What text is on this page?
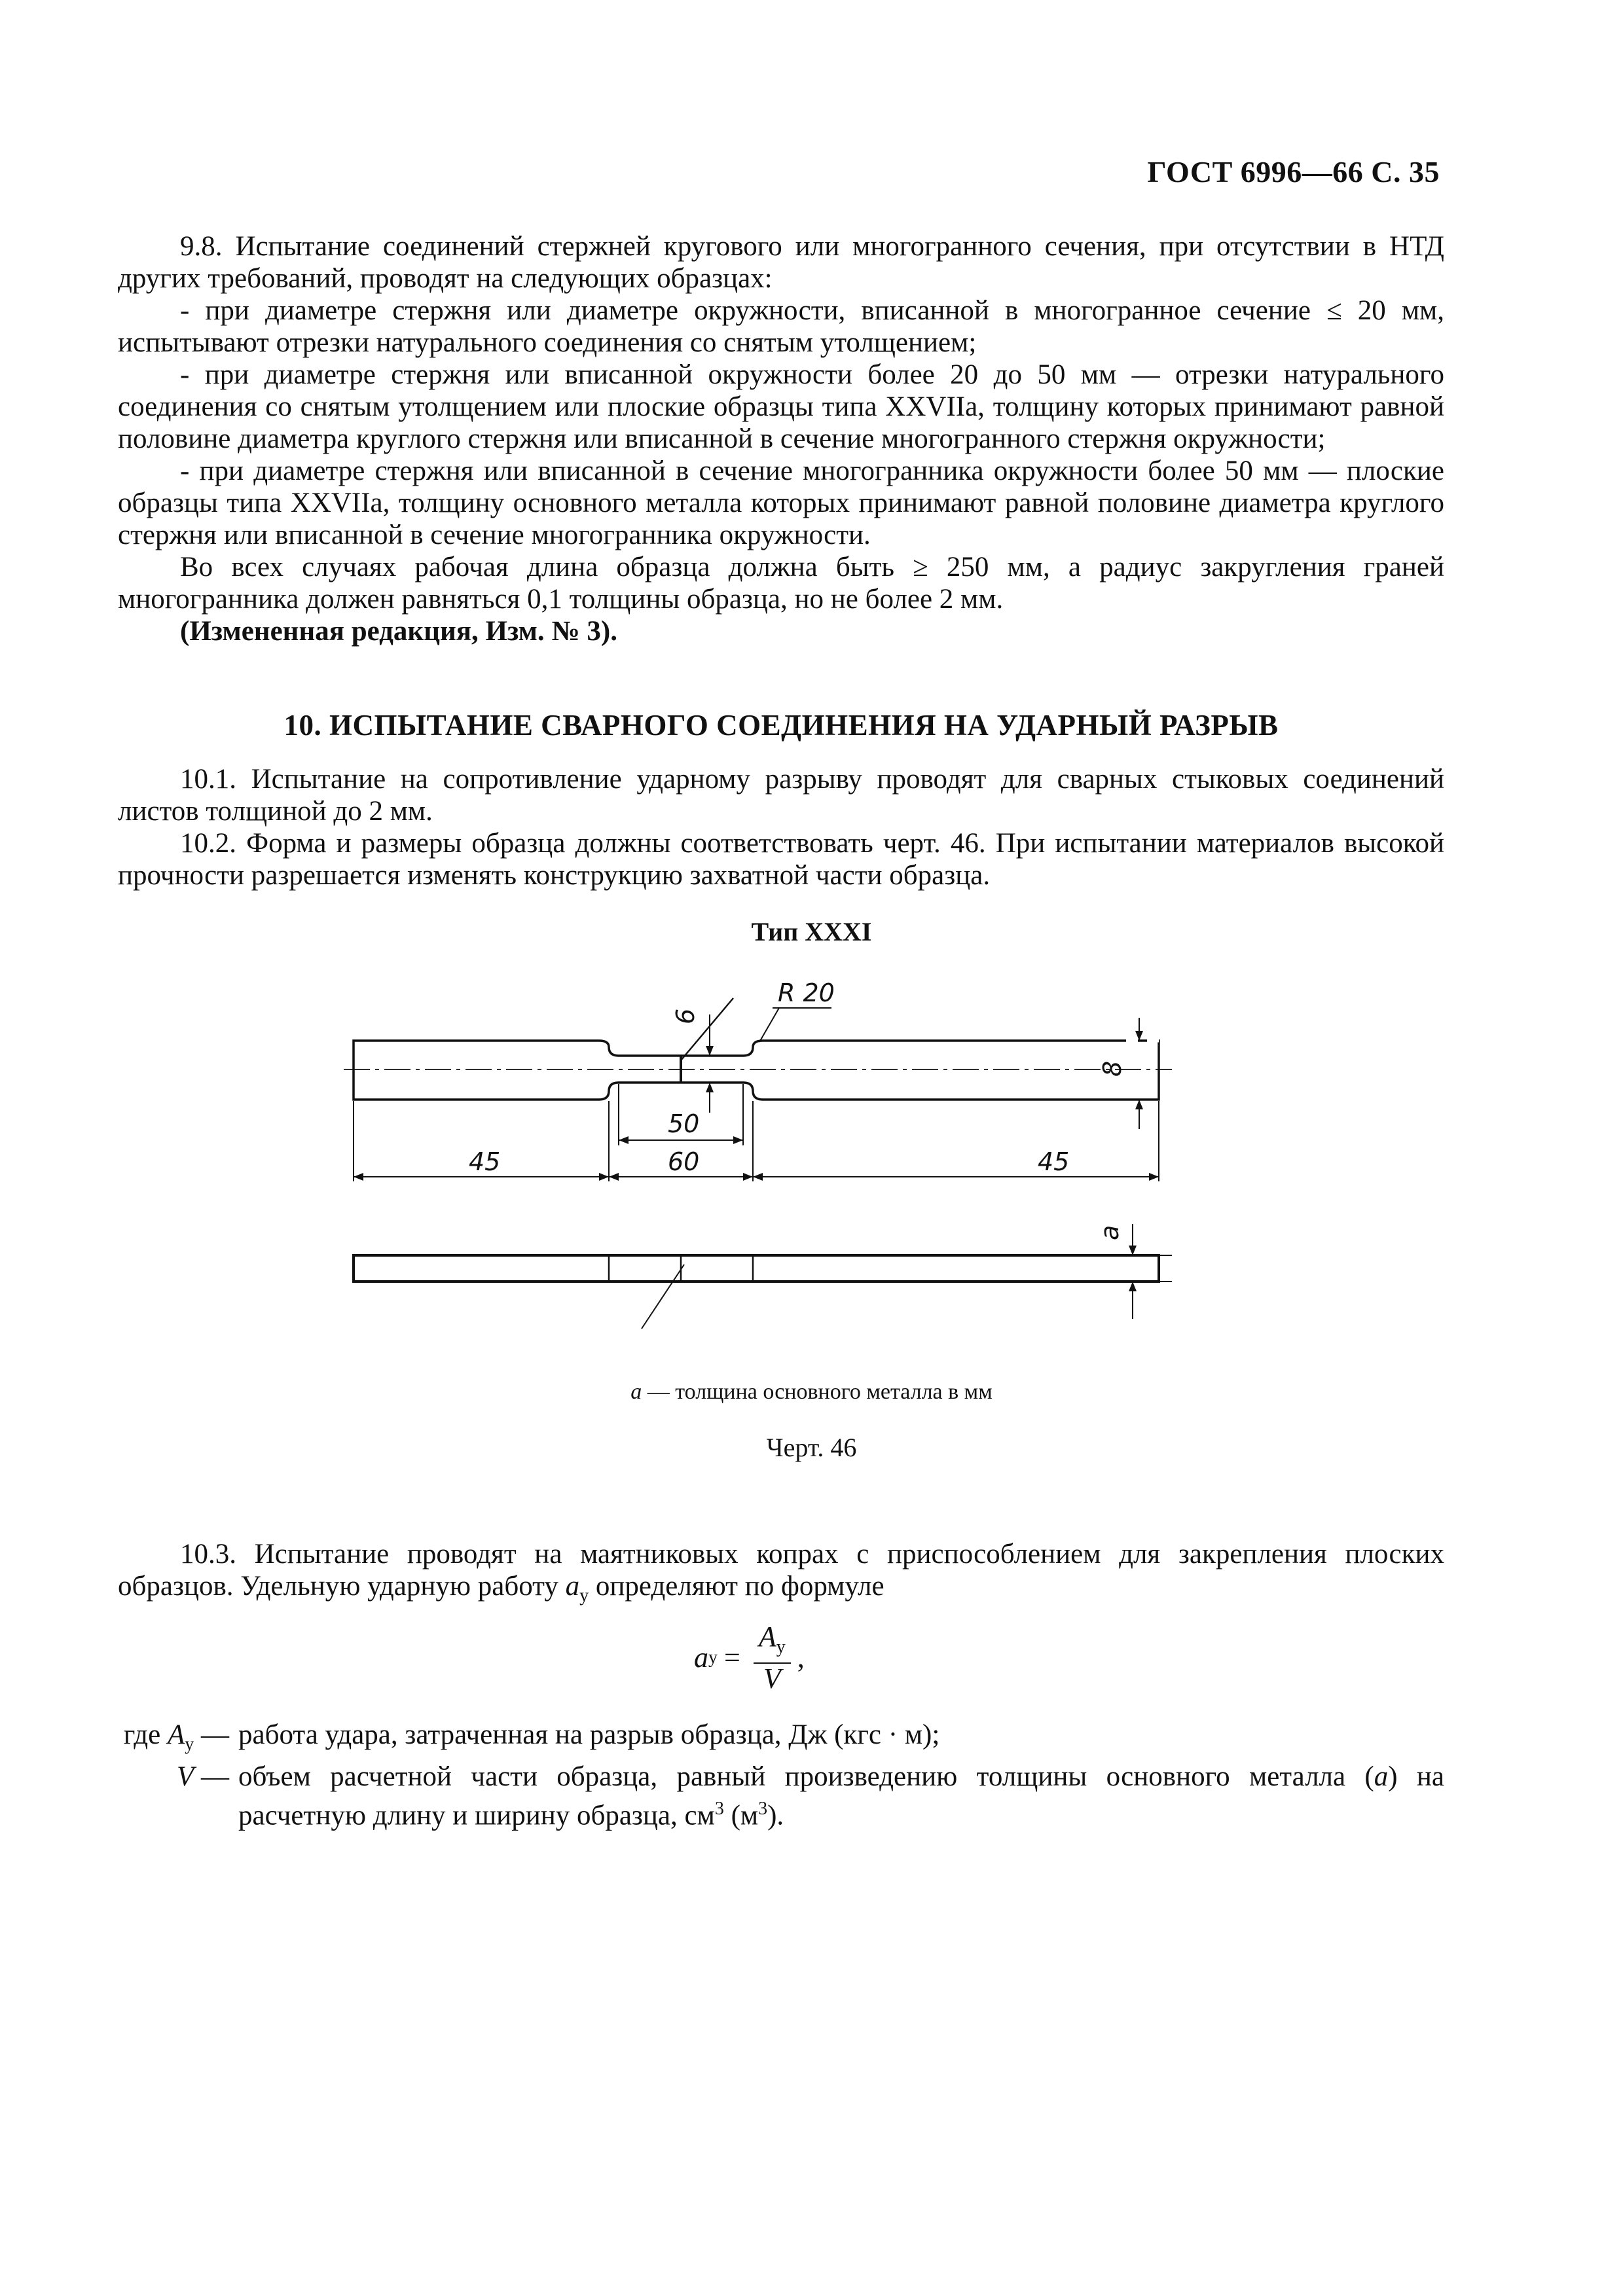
ГОСТ 6996—66 С. 35

9.8. Испытание соединений стержней кругового или многогранного сечения, при отсутствии в НТД других требований, проводят на следующих образцах:

- при диаметре стержня или диаметре окружности, вписанной в многогранное сечение ≤ 20 мм, испытывают отрезки натурального соединения со снятым утолщением;

- при диаметре стержня или вписанной окружности более 20 до 50 мм — отрезки натурального соединения со снятым утолщением или плоские образцы типа XXVIIa, толщину которых принимают равной половине диаметра круглого стержня или вписанной в сечение многогранного стержня окружности;

- при диаметре стержня или вписанной в сечение многогранника окружности более 50 мм — плоские образцы типа XXVIIa, толщину основного металла которых принимают равной половине диаметра круглого стержня или вписанной в сечение многогранника окружности.

Во всех случаях рабочая длина образца должна быть ≥ 250 мм, а радиус закругления граней многогранника должен равняться 0,1 толщины образца, но не более 2 мм.

(Измененная редакция, Изм. № 3).

10. ИСПЫТАНИЕ СВАРНОГО СОЕДИНЕНИЯ НА УДАРНЫЙ РАЗРЫВ

10.1. Испытание на сопротивление ударному разрыву проводят для сварных стыковых соединений листов толщиной до 2 мм.

10.2. Форма и размеры образца должны соответствовать черт. 46. При испытании материалов высокой прочности разрешается изменять конструкцию захватной части образца.

Тип XXXI
R 20
6
8
50
60
45	45
a
a — толщина основного металла в мм
Черт. 46

10.3. Испытание проводят на маятниковых копрах с приспособлением для закрепления плоских образцов. Удельную ударную работу $a_у$ определяют по формуле

a $у = \frac{A_у}{V}$ ,
где $A_у$ — работа удара, затраченная на разрыв образца, Дж (кгс · м);
V — объем расчетной части образца, равный произведению толщины основного металла (a) на расчетную длину и ширину образца, $см^3$ $(м^3)$.
